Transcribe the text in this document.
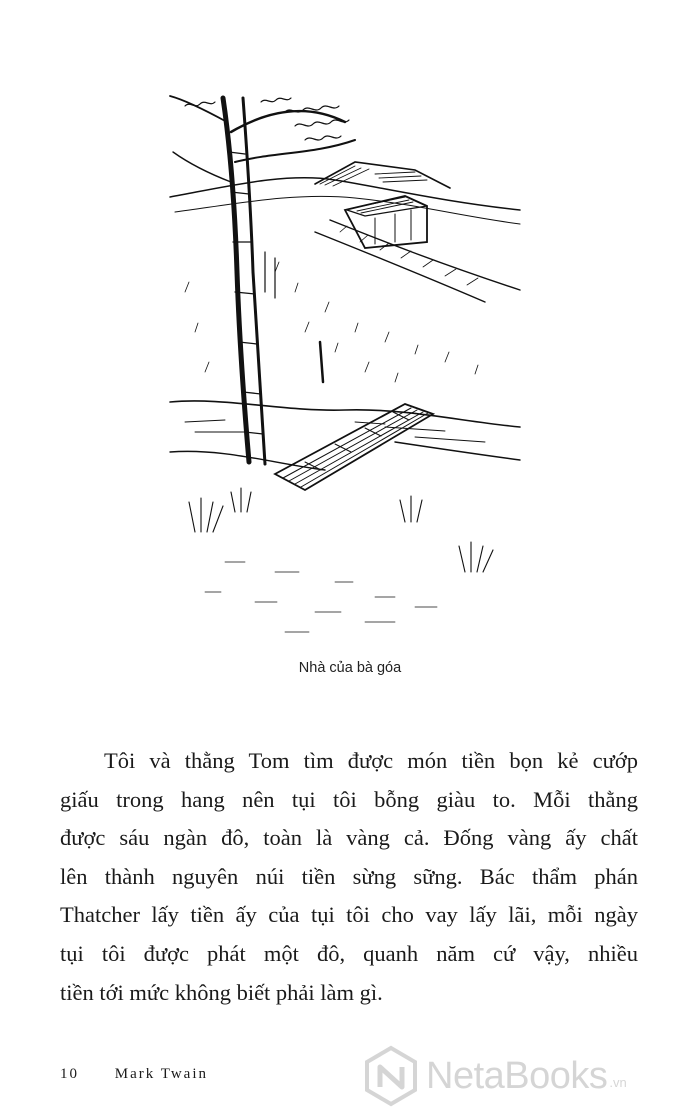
Nhà của bà góa
Tôi và thằng Tom tìm được món tiền bọn kẻ cướp
giấu trong hang nên tụi tôi bỗng giàu to. Mỗi thằng
được sáu ngàn đô, toàn là vàng cả. Đống vàng ấy chất
lên thành nguyên núi tiền sừng sững. Bác thẩm phán
Thatcher lấy tiền ấy của tụi tôi cho vay lấy lãi, mỗi ngày
tụi tôi được phát một đô, quanh năm cứ vậy, nhiều
tiền tới mức không biết phải làm gì.
10 Mark Twain	NetaBooks .vn
